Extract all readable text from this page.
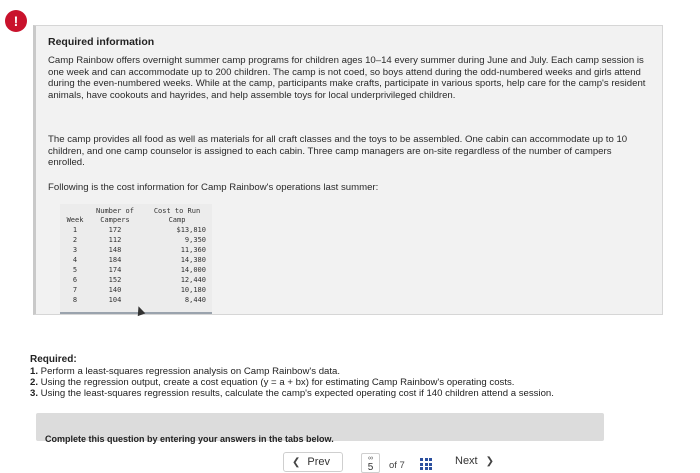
!
Required information
Camp Rainbow offers overnight summer camp programs for children ages 10–14 every summer during June and July. Each camp session is one week and can accommodate up to 200 children. The camp is not coed, so boys attend during the odd-numbered weeks and girls attend during the even-numbered weeks. While at the camp, participants make crafts, participate in various sports, help care for the camp's resident animals, have cookouts and hayrides, and help assemble toys for local underprivileged children.
The camp provides all food as well as materials for all craft classes and the toys to be assembled. One cabin can accommodate up to 10 children, and one camp counselor is assigned to each cabin. Three camp managers are on-site regardless of the number of campers enrolled.
Following is the cost information for Camp Rainbow's operations last summer:
Number of	Cost to Run
Week	Campers	Camp
1	172	$13,810
2	112	9,350
3	148	11,360
4	184	14,380
5	174	14,000
6	152	12,440
7	140	10,180
8	104	8,440
Required:
1. Perform a least-squares regression analysis on Camp Rainbow's data.
2. Using the regression output, create a cost equation (y = a + bx) for estimating Camp Rainbow's operating costs.
3. Using the least-squares regression results, calculate the camp's expected operating cost if 140 children attend a session.
Complete this question by entering your answers in the tabs below.
❮ Prev	∞
5	of 7	Next ❯
